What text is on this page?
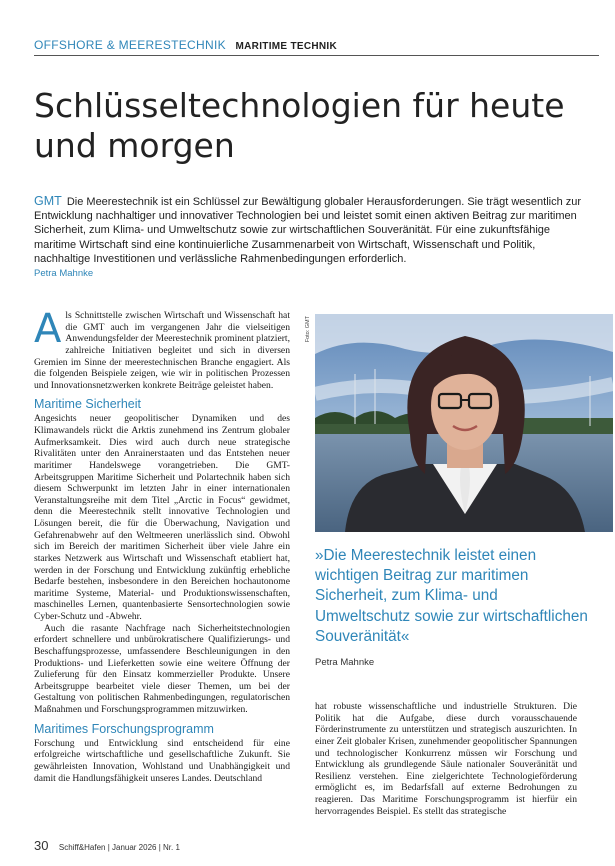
OFFSHORE & MEERESTECHNIK MARITIME TECHNIK
Schlüsseltechnologien für heute
und morgen

GMT Die Meerestechnik ist ein Schlüssel zur Bewältigung globaler Herausforderungen. Sie trägt wesentlich zur Entwicklung nachhaltiger und innovativer Technologien bei und leistet somit einen aktiven Beitrag zur maritimen Sicherheit, zum Klima- und Umweltschutz sowie zur wirtschaftlichen Souveränität. Für eine zukunftsfähige maritime Wirtschaft sind eine kontinuierliche Zusammenarbeit von Wirtschaft, Wissenschaft und Politik, nachhaltige Investitionen und verlässliche Rahmenbedingungen erforderlich.

Petra Mahnke

Als Schnittstelle zwischen Wirtschaft und Wissenschaft hat die GMT auch im vergangenen Jahr die vielseitigen Anwendungsfelder der Meerestechnik prominent platziert, zahlreiche Initiativen begleitet und sich in diversen Gremien im Sinne der meerestechnischen Branche engagiert. Als die folgenden Beispiele zeigen, wie wir in politischen Prozessen und Innovationsnetzwerken konkrete Beiträge geleistet haben.

Maritime Sicherheit

Angesichts neuer geopolitischer Dynamiken und des Klimawandels rückt die Arktis zunehmend ins Zentrum globaler Aufmerksamkeit. Dies wird auch durch neue strategische Rivalitäten unter den Anrainerstaaten und das Entstehen neuer maritimer Handelswege vorangetrieben. Die GMT-Arbeitsgruppen Maritime Sicherheit und Polartechnik haben sich diesem Schwerpunkt im letzten Jahr in einer internationalen Veranstaltungsreihe mit dem Titel „Arctic in Focus“ gewidmet, denn die Meerestechnik stellt innovative Technologien und Lösungen bereit, die für die Überwachung, Navigation und Gefahrenabwehr auf den Weltmeeren unerlässlich sind. Obwohl sich im Bereich der maritimen Sicherheit über viele Jahre ein starkes Netzwerk aus Wirtschaft und Wissenschaft etabliert hat, werden in der Forschung und Entwicklung zukünftig erhebliche Bedarfe bestehen, insbesondere in den Bereichen hochautonome maritime Systeme, Material- und Produktionswissenschaften, maschinelles Lernen, quantenbasierte Sensortechnologien sowie Cyber-Schutz und -Abwehr.

Auch die rasante Nachfrage nach Sicherheitstechnologien erfordert schnellere und unbürokratischere Qualifizierungs- und Beschaffungsprozesse, umfassendere Beschleunigungen in den Produktions- und Lieferketten sowie eine weitere Öffnung der Zulieferung für den Einsatz kommerzieller Produkte. Unsere Arbeitsgruppe bearbeitet viele dieser Themen, um bei der Gestaltung von politischen Rahmenbedingungen, regulatorischen Maßnahmen und Forschungsprogrammen mitzuwirken.

Maritimes Forschungsprogramm

Forschung und Entwicklung sind entscheidend für eine erfolgreiche wirtschaftliche und gesellschaftliche Zukunft. Sie gewährleisten Innovation, Wohlstand und Unabhängigkeit und damit die Handlungsfähigkeit unseres Landes. Deutschland

Foto: GMT

»Die Meerestechnik leistet einen wichtigen Beitrag zur maritimen Sicherheit, zum Klima- und Umweltschutz sowie zur wirtschaftlichen Souveränität«

Petra Mahnke

hat robuste wissenschaftliche und industrielle Strukturen. Die Politik hat die Aufgabe, diese durch vorausschauende Förderinstrumente zu unterstützen und strategisch auszurichten. In einer Zeit globaler Krisen, zunehmender geopolitischer Spannungen und technologischer Konkurrenz müssen wir Forschung und Entwicklung als grundlegende Säule nationaler Souveränität und Resilienz verstehen. Eine zielgerichtete Technologieförderung ermöglicht es, im Bedarfsfall auf externe Bedrohungen zu reagieren. Das Maritime Forschungsprogramm ist hierfür ein hervorragendes Beispiel. Es stellt das strategische

30 Schiff&Hafen | Januar 2026 | Nr. 1
